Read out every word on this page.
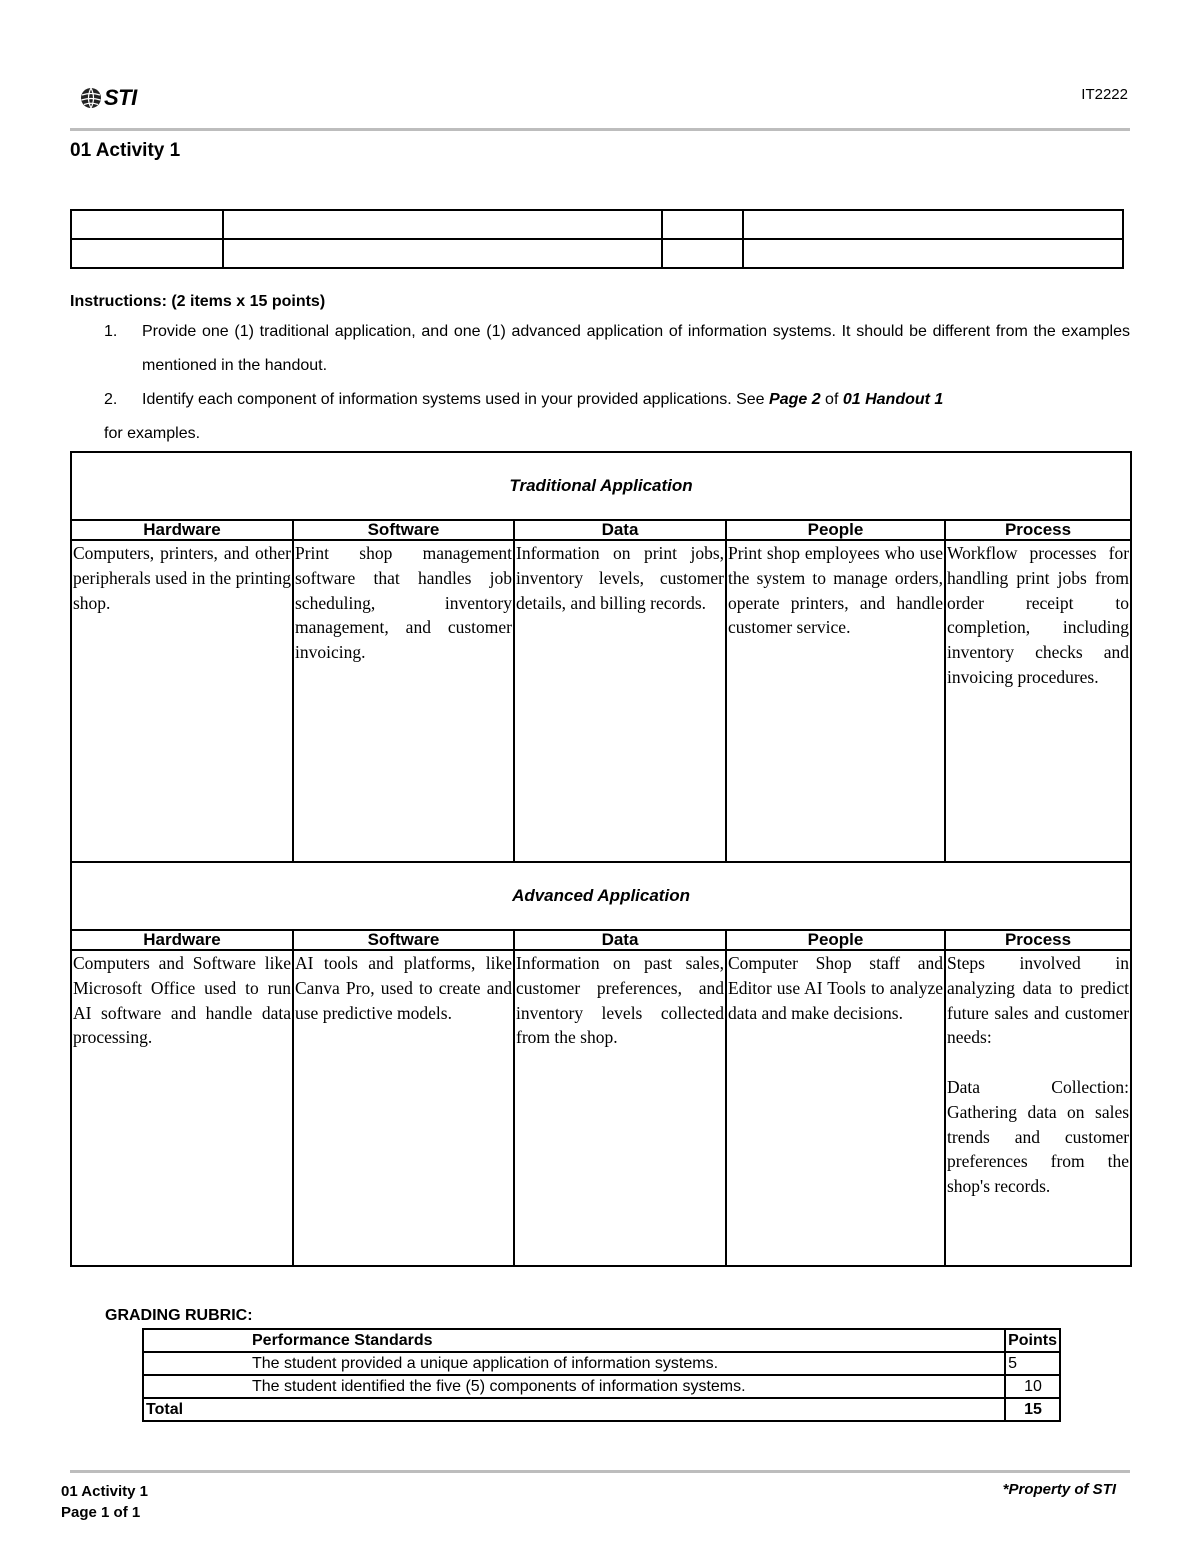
STI	IT2222
01 Activity 1

Instructions: (2 items x 15 points)
1.	Provide one (1) traditional application, and one (1) advanced application of information systems. It should be different from the examples mentioned in the handout.
2.	Identify each component of information systems used in your provided applications. See Page 2 of 01 Handout 1
for examples.
Traditional Application				
Hardware	Software	Data	People	Process
Computers, printers, and other peripherals used in the printing shop.	Print shop management software that handles job scheduling, inventory management, and customer invoicing.	Information on print jobs, inventory levels, customer details, and billing records.	Print shop employees who use the system to manage orders, operate printers, and handle customer service.	Workflow processes for handling print jobs from order receipt to completion, including inventory checks and invoicing procedures.
Advanced Application				
Hardware	Software	Data	People	Process
Computers and Software like Microsoft Office used to run AI software and handle data processing.	AI tools and platforms, like Canva Pro, used to create and use predictive models.	Information on past sales, customer preferences, and inventory levels collected from the shop.	Computer Shop staff and Editor use AI Tools to analyze data and make decisions.	Steps involved in analyzing data to predict future sales and customer needs:
Data Collection: Gathering data on sales trends and customer preferences from the shop's records.
GRADING RUBRIC:
Performance Standards	Points
The student provided a unique application of information systems.	5
The student identified the five (5) components of information systems.	10
Total	15
01 Activity 1
Page 1 of 1
*Property of STI
